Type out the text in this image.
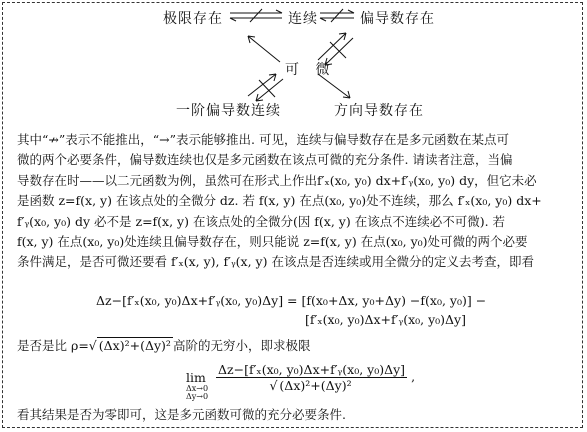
极限存在	连续	偏导数存在
可 微
一阶偏导数连续	方向导数存在

其中“↛”表示不能推出，“→”表示能够推出. 可见，连续与偏导数存在是多元函数在某点可

微的两个必要条件，偏导数连续也仅是多元函数在该点可微的充分条件. 请读者注意，当偏

导数存在时——以二元函数为例，虽然可在形式上作出f′ₓ(x₀, y₀) dx+f′ᵧ(x₀, y₀) dy，但它未必

是函数 z=f(x, y) 在该点处的全微分 dz. 若 f(x, y) 在点(x₀, y₀)处不连续，那么 f′ₓ(x₀, y₀) dx+

f′ᵧ(x₀, y₀) dy 必不是 z=f(x, y) 在该点处的全微分(因 f(x, y) 在该点不连续必不可微). 若

f(x, y) 在点(x₀, y₀)处连续且偏导数存在，则只能说 z=f(x, y) 在点(x₀, y₀)处可微的两个必要

条件满足，是否可微还要看 f′ₓ(x, y), f′ᵧ(x, y) 在该点是否连续或用全微分的定义去考查，即看

Δz−[f′ₓ(x₀, y₀)Δx+f′ᵧ(x₀, y₀)Δy] = [f(x₀+Δx, y₀+Δy) −f(x₀, y₀)] −
[f′ₓ(x₀, y₀)Δx+f′ᵧ(x₀, y₀)Δy]
是否是比 ρ=√ (Δx)²+(Δy)² 高阶的无穷小，即求极限
lim
Δx→0
Δy→0

$\frac{\text{Δz−[f′ₓ(x₀, y₀)Δx+f′ᵧ(x₀, y₀)Δy]}}{\text{√ (Δx)²+(Δy)²}}$ ,
看其结果是否为零即可，这是多元函数可微的充分必要条件.
